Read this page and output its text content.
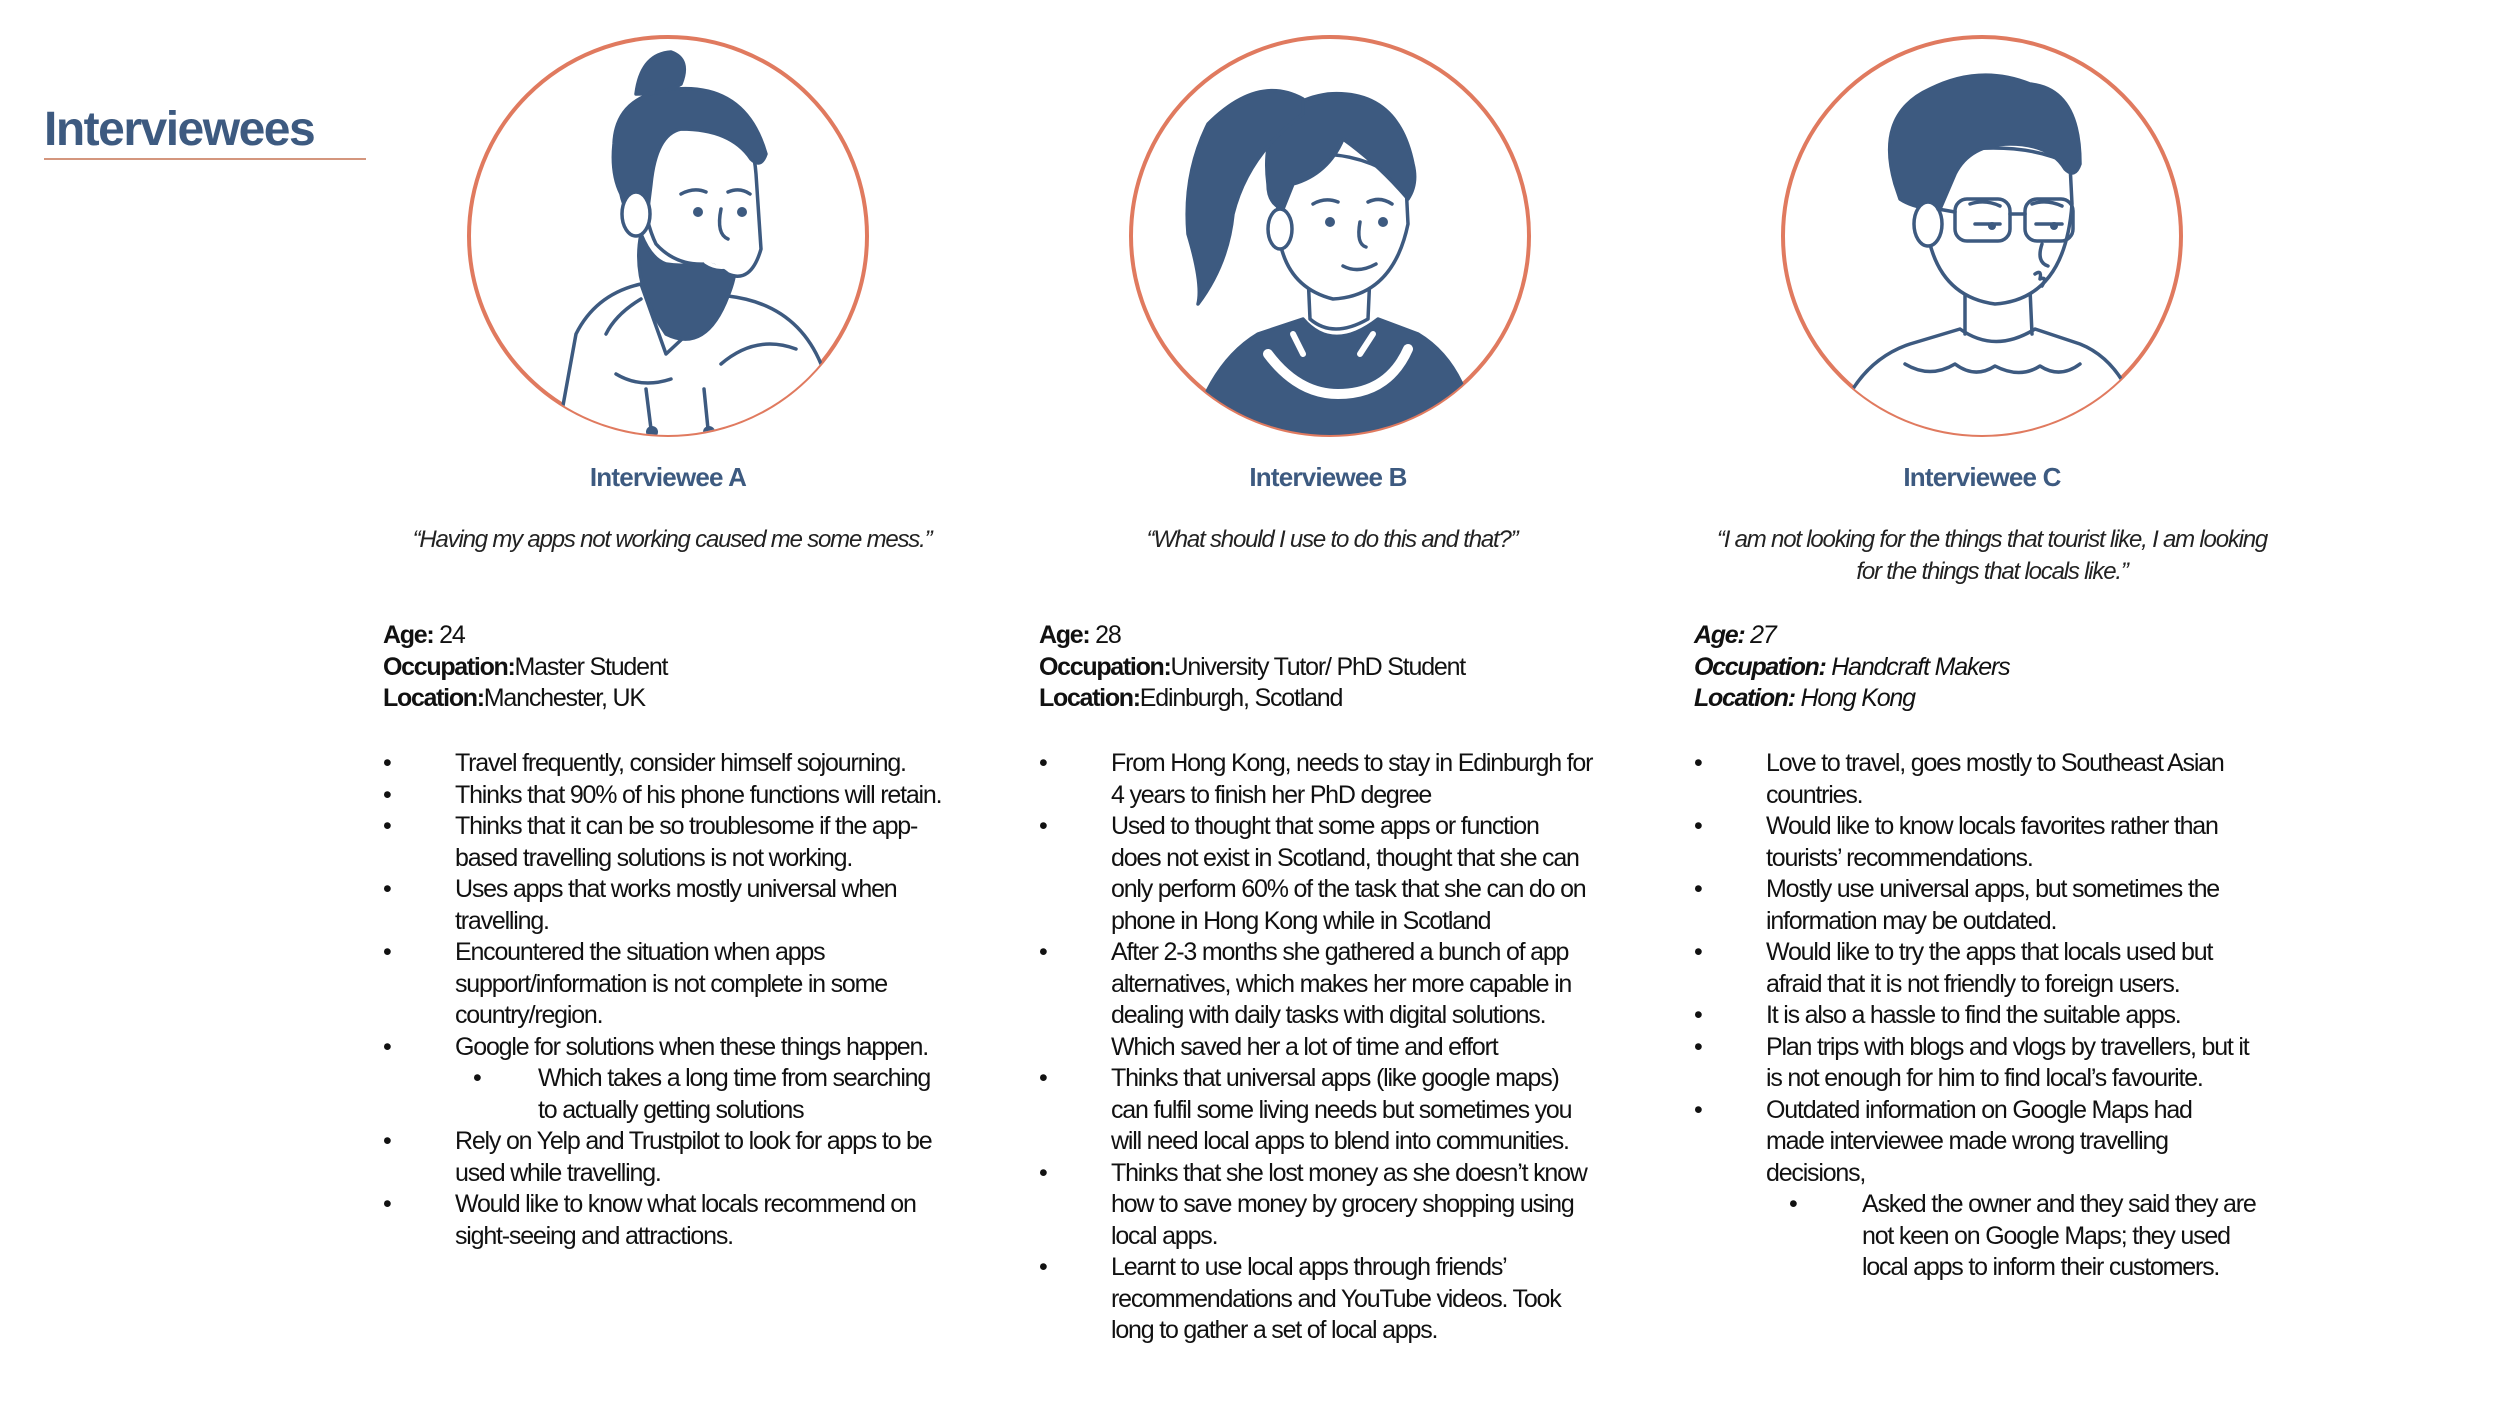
Interviewees
Interviewee A	Interviewee B	Interviewee C
“Having my apps not working caused me some mess.”	“What should I use to do this and that?”	“I am not looking for the things that tourist like, I am looking
for the things that locals like.”
Age: 24
Occupation:Master Student
Location:Manchester, UK
Age: 28
Occupation:University Tutor/ PhD Student
Location:Edinburgh, Scotland
Age: 27
Occupation: Handcraft Makers
Location: Hong Kong
• Travel frequently, consider himself sojourning.
• Thinks that 90% of his phone functions will retain.
• Thinks that it can be so troublesome if the app-
based travelling solutions is not working.
• Uses apps that works mostly universal when
travelling.
• Encountered the situation when apps
support/information is not complete in some
country/region.
• Google for solutions when these things happen.
• Which takes a long time from searching
to actually getting solutions
• Rely on Yelp and Trustpilot to look for apps to be
used while travelling.
• Would like to know what locals recommend on
sight-seeing and attractions.
• From Hong Kong, needs to stay in Edinburgh for
4 years to finish her PhD degree
• Used to thought that some apps or function
does not exist in Scotland, thought that she can
only perform 60% of the task that she can do on
phone in Hong Kong while in Scotland
• After 2-3 months she gathered a bunch of app
alternatives, which makes her more capable in
dealing with daily tasks with digital solutions.
Which saved her a lot of time and effort
• Thinks that universal apps (like google maps)
can fulfil some living needs but sometimes you
will need local apps to blend into communities.
• Thinks that she lost money as she doesn’t know
how to save money by grocery shopping using
local apps.
• Learnt to use local apps through friends’
recommendations and YouTube videos. Took
long to gather a set of local apps.
• Love to travel, goes mostly to Southeast Asian
countries.
• Would like to know locals favorites rather than
tourists’ recommendations.
• Mostly use universal apps, but sometimes the
information may be outdated.
• Would like to try the apps that locals used but
afraid that it is not friendly to foreign users.
• It is also a hassle to find the suitable apps.
• Plan trips with blogs and vlogs by travellers, but it
is not enough for him to find local’s favourite.
• Outdated information on Google Maps had
made interviewee made wrong travelling
decisions,
• Asked the owner and they said they are
not keen on Google Maps; they used
local apps to inform their customers.
